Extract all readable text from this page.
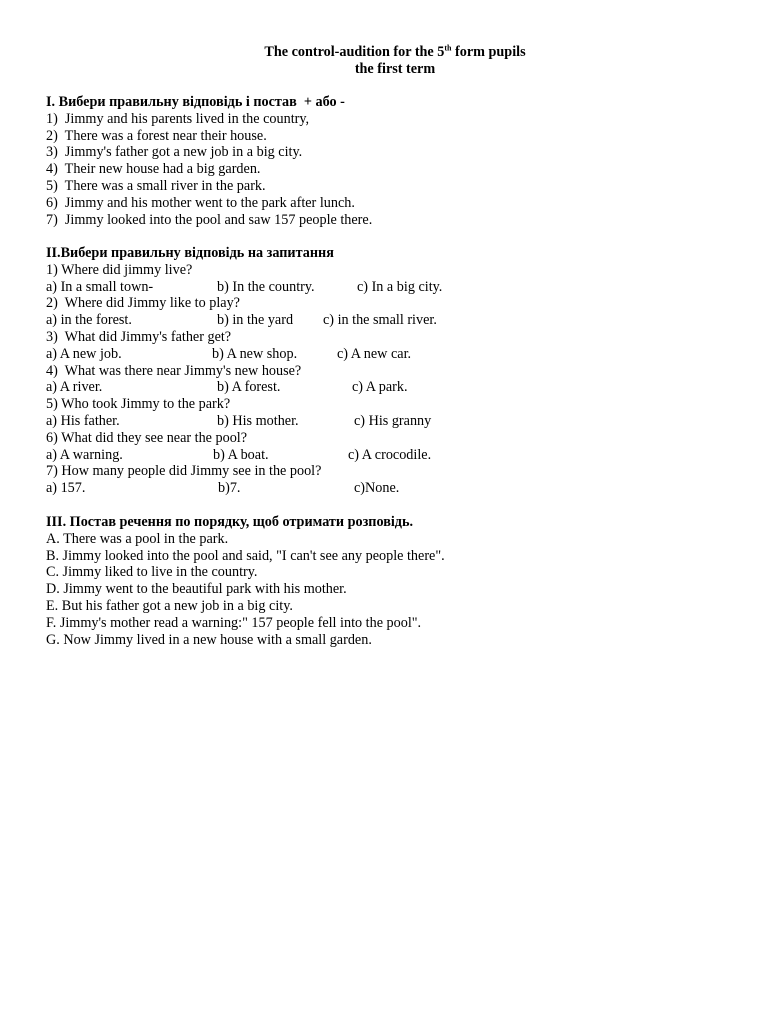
The control-audition for the 5th form pupils
the first term
I. Вибери правильну відповідь і постав  + або -
1)  Jimmy and his parents lived in the country,
2)  There was a forest near their house.
3)  Jimmy's father got a new job in a big city.
4)  Their new house had a big garden.
5)  There was a small river in the park.
6)  Jimmy and his mother went to the park after lunch.
7)  Jimmy looked into the pool and saw 157 people there.
II.Вибери правильну відповідь на запитання
1) Where did jimmy live?

a) In a small town-

	b) In the country.

	c) In a big city.

2)  Where did Jimmy like to play?

a) in the forest.

	b) in the yard

c) in the small river.

3)  What did Jimmy's father get?

a) A new job.

	b) A new shop.

	c) A new car.

4)  What was there near Jimmy's new house?

a) A river.

	b) A forest.

	c) A park.

5) Who took Jimmy to the park?

a) His father.

	b) His mother.

	c) His granny

6) What did they see near the pool?

a) A warning.

	b) A boat.

	c) A crocodile.

7) How many people did Jimmy see in the pool?

a) 157.

	b)7.

	c)None.

III. Постав речення по порядку, щоб отримати розповідь.
A. There was a pool in the park.
B. Jimmy looked into the pool and said, "I can't see any people there".
C. Jimmy liked to live in the country.
D. Jimmy went to the beautiful park with his mother.
E. But his father got a new job in a big city.
F. Jimmy's mother read a warning:" 157 people fell into the pool".
G. Now Jimmy lived in a new house with a small garden.
